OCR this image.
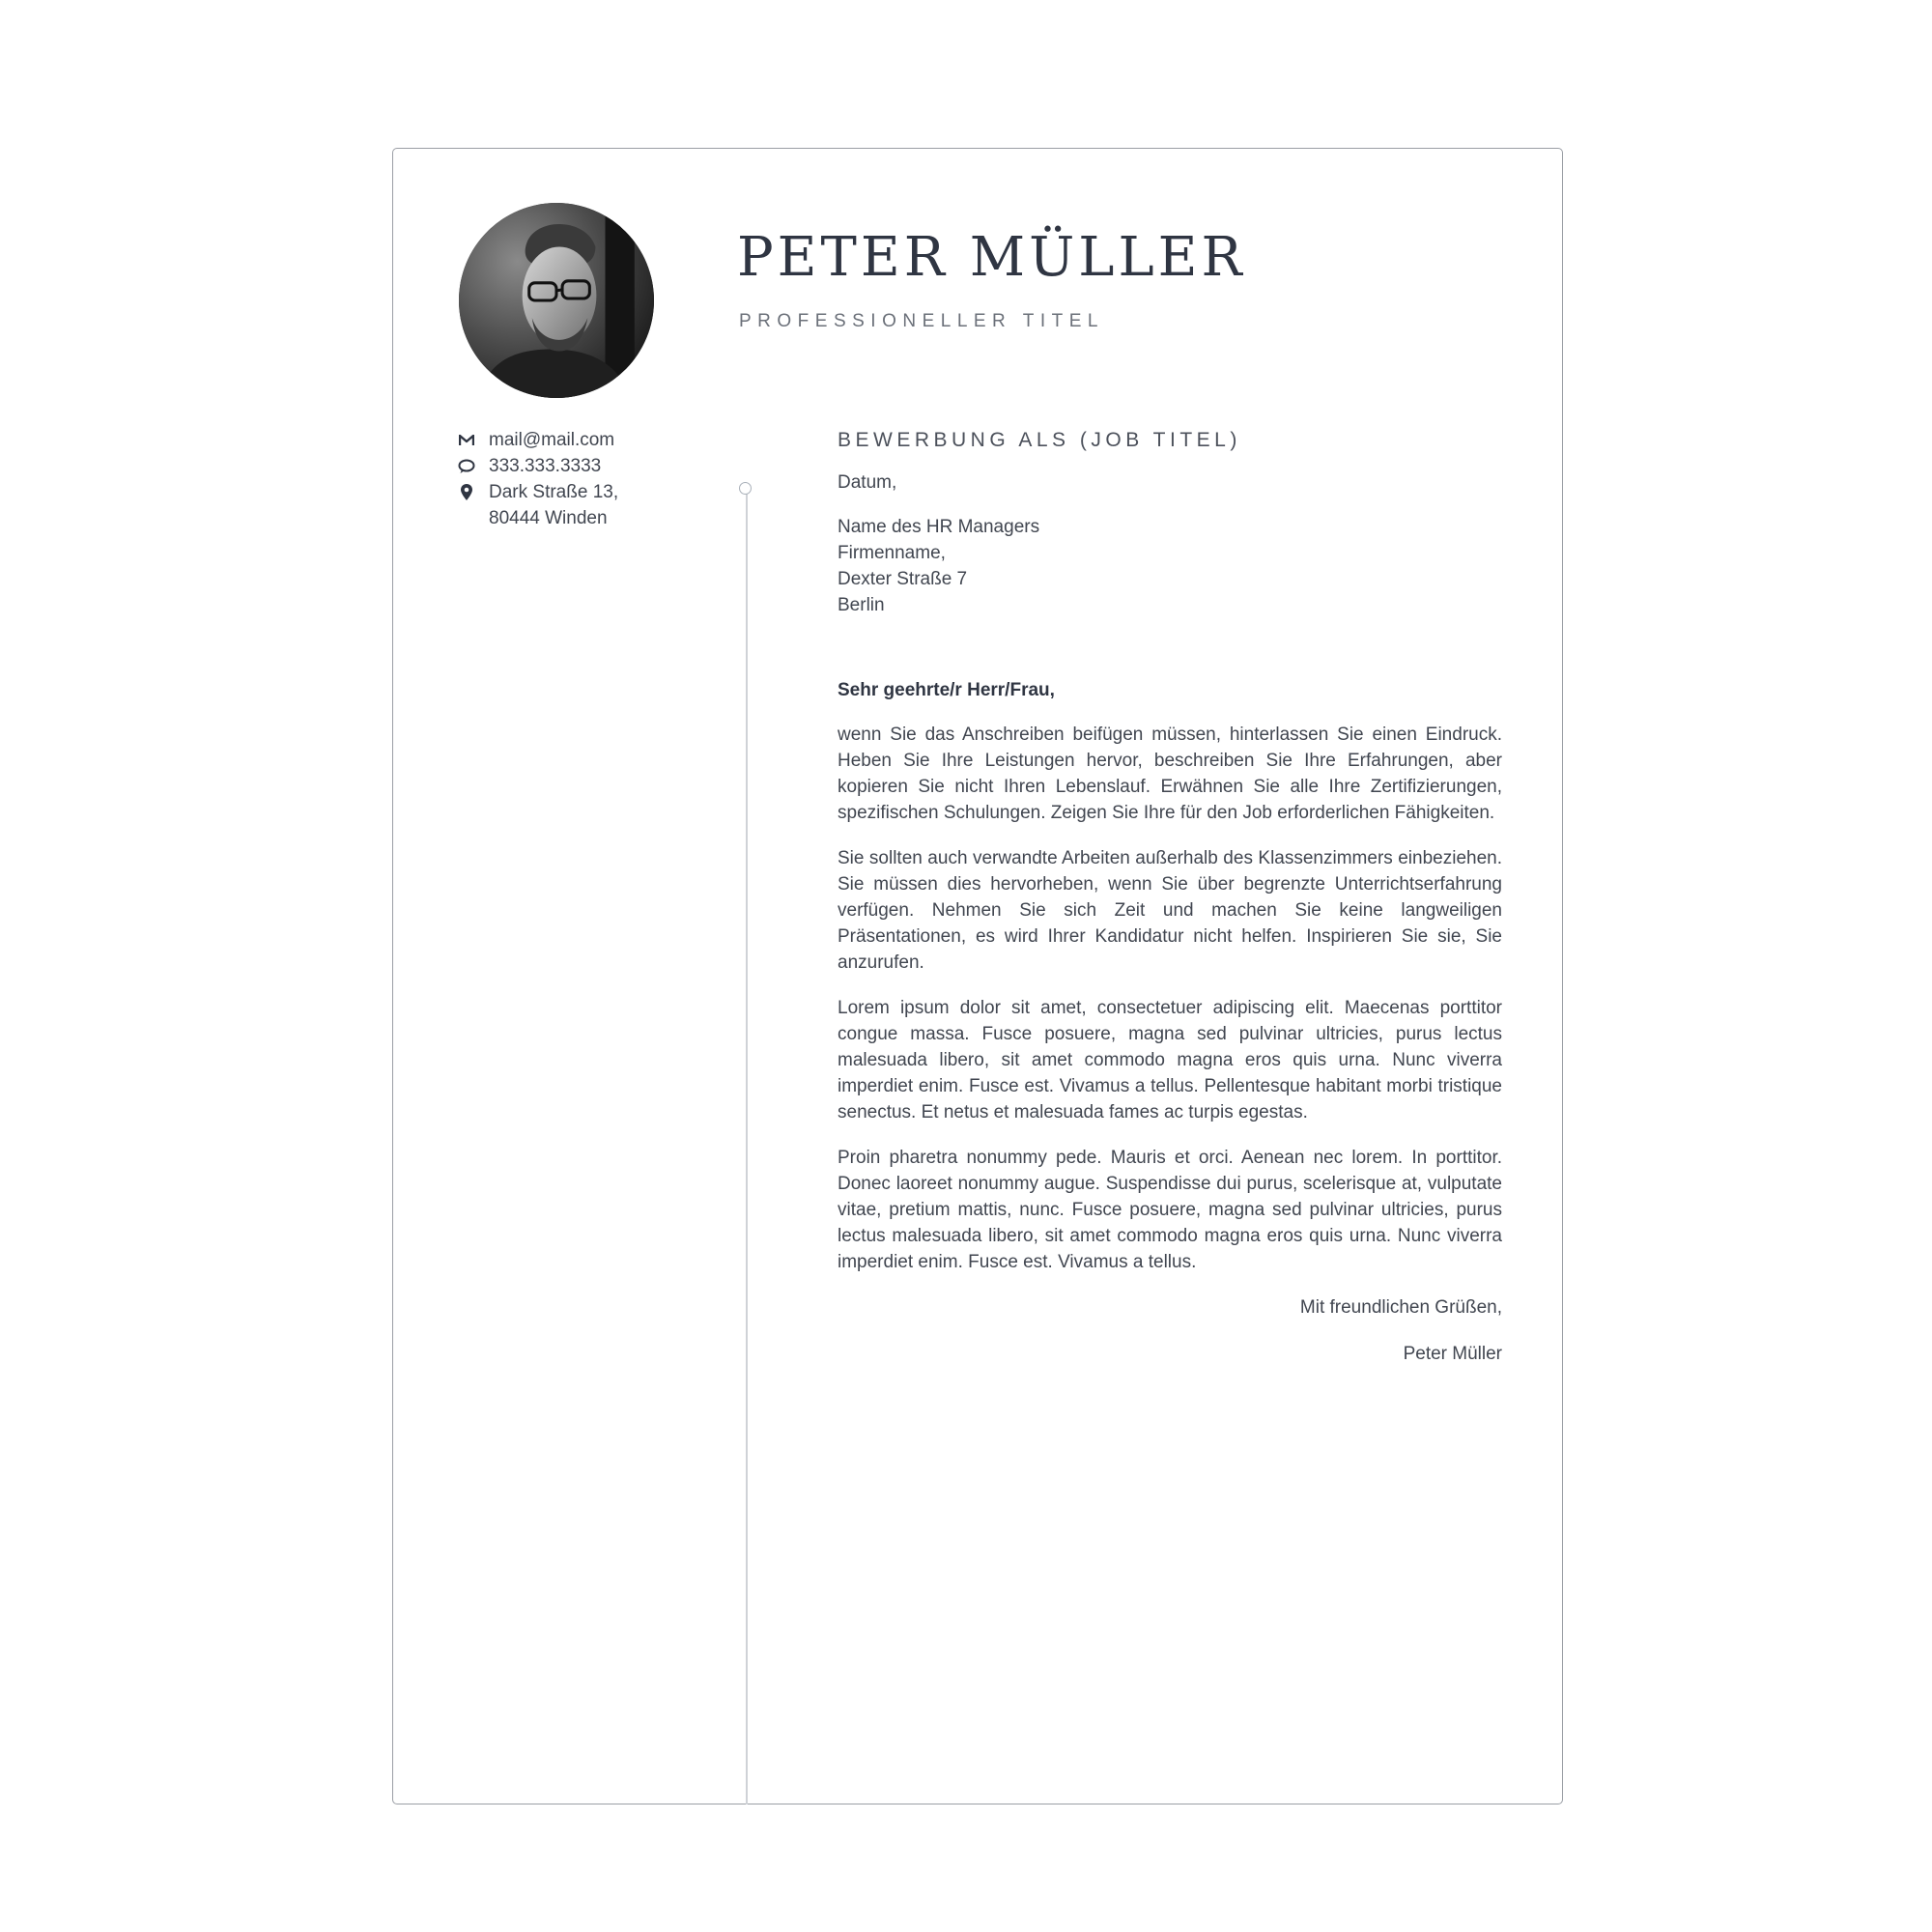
PETER MÜLLER
PROFESSIONELLER TITEL
mail@mail.com
333.333.3333
Dark Straße 13,
80444 Winden
BEWERBUNG ALS (JOB TITEL)
Datum,
Name des HR Managers
Firmenname,
Dexter Straße 7
Berlin
Sehr geehrte/r Herr/Frau,

wenn Sie das Anschreiben beifügen müssen, hinterlassen Sie einen Eindruck. Heben Sie Ihre Leistungen hervor, beschreiben Sie Ihre Erfahrungen, aber kopieren Sie nicht Ihren Lebenslauf. Erwähnen Sie alle Ihre Zertifizierungen, spezifischen Schulungen. Zeigen Sie Ihre für den Job erforderlichen Fähigkeiten.

Sie sollten auch verwandte Arbeiten außerhalb des Klassenzimmers einbeziehen. Sie müssen dies hervorheben, wenn Sie über begrenzte Unterrichtserfahrung verfügen. Nehmen Sie sich Zeit und machen Sie keine langweiligen Präsentationen, es wird Ihrer Kandidatur nicht helfen. Inspirieren Sie sie, Sie anzurufen.

Lorem ipsum dolor sit amet, consectetuer adipiscing elit. Maecenas porttitor congue massa. Fusce posuere, magna sed pulvinar ultricies, purus lectus malesuada libero, sit amet commodo magna eros quis urna. Nunc viverra imperdiet enim. Fusce est. Vivamus a tellus. Pellentesque habitant morbi tristique senectus. Et netus et malesuada fames ac turpis egestas.

Proin pharetra nonummy pede. Mauris et orci. Aenean nec lorem. In porttitor. Donec laoreet nonummy augue. Suspendisse dui purus, scelerisque at, vulputate vitae, pretium mattis, nunc. Fusce posuere, magna sed pulvinar ultricies, purus lectus malesuada libero, sit amet commodo magna eros quis urna. Nunc viverra imperdiet enim. Fusce est. Vivamus a tellus.

Mit freundlichen Grüßen,
Peter Müller
